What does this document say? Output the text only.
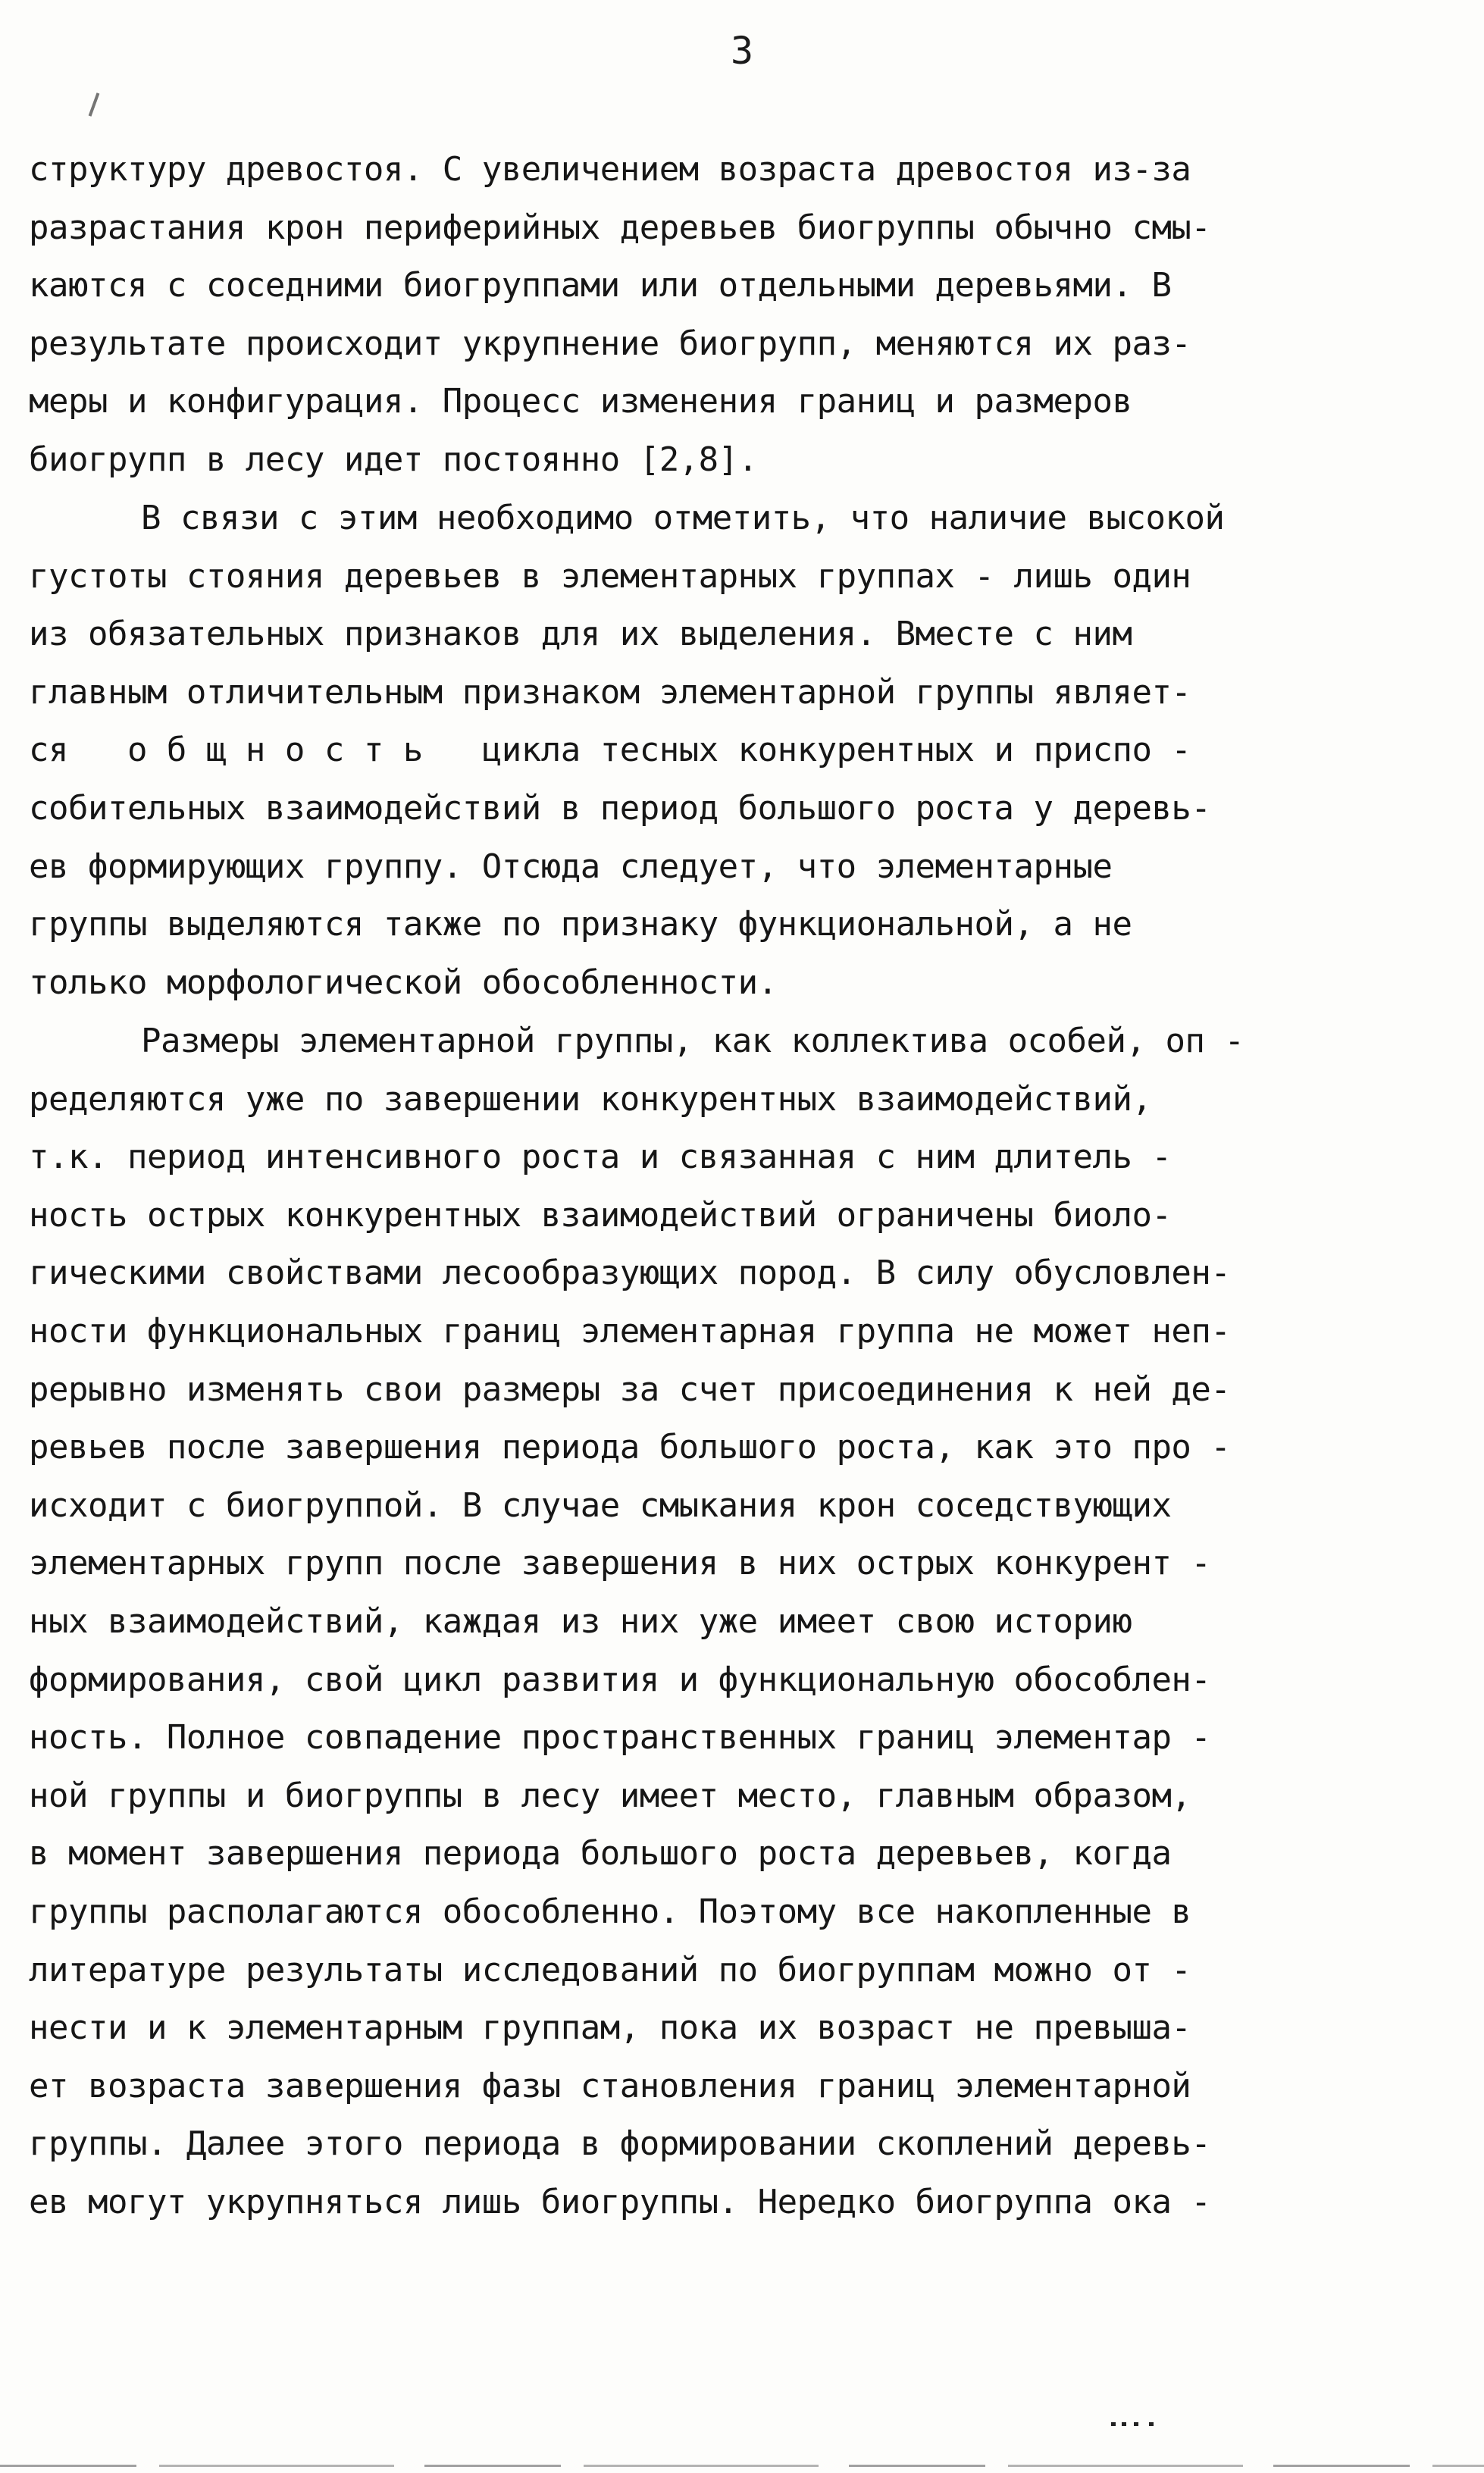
3
структуру древостоя. С увеличением возраста древостоя из-за
разрастания крон периферийных деревьев биогруппы обычно смы-
каются с соседними биогруппами или отдельными деревьями. В
результате происходит укрупнение биогрупп, меняются их раз-
меры и конфигурация. Процесс изменения границ и размеров
биогрупп в лесу идет постоянно [2,8].
В связи с этим необходимо отметить, что наличие высокой
густоты стояния деревьев в элементарных группах - лишь один
из обязательных признаков для их выделения. Вместе с ним
главным отличительным признаком элементарной группы являет-
ся   о б щ н о с т ь   цикла тесных конкурентных и приспо -
собительных взаимодействий в период большого роста у деревь-
ев формирующих группу. Отсюда следует, что элементарные
группы выделяются также по признаку функциональной, а не
только морфологической обособленности.
Размеры элементарной группы, как коллектива особей, оп -
ределяются уже по завершении конкурентных взаимодействий,
т.к. период интенсивного роста и связанная с ним длитель -
ность острых конкурентных взаимодействий ограничены биоло-
гическими свойствами лесообразующих пород. В силу обусловлен-
ности функциональных границ элементарная группа не может неп-
рерывно изменять свои размеры за счет присоединения к ней де-
ревьев после завершения периода большого роста, как это про -
исходит с биогруппой. В случае смыкания крон соседствующих
элементарных групп после завершения в них острых конкурент -
ных взаимодействий, каждая из них уже имеет свою историю
формирования, свой цикл развития и функциональную обособлен-
ность. Полное совпадение пространственных границ элементар -
ной группы и биогруппы в лесу имеет место, главным образом,
в момент завершения периода большого роста деревьев, когда
группы располагаются обособленно. Поэтому все накопленные в
литературе результаты исследований по биогруппам можно от -
нести и к элементарным группам, пока их возраст не превыша-
ет возраста завершения фазы становления границ элементарной
группы. Далее этого периода в формировании скоплений деревь-
ев могут укрупняться лишь биогруппы. Нередко биогруппа ока -
